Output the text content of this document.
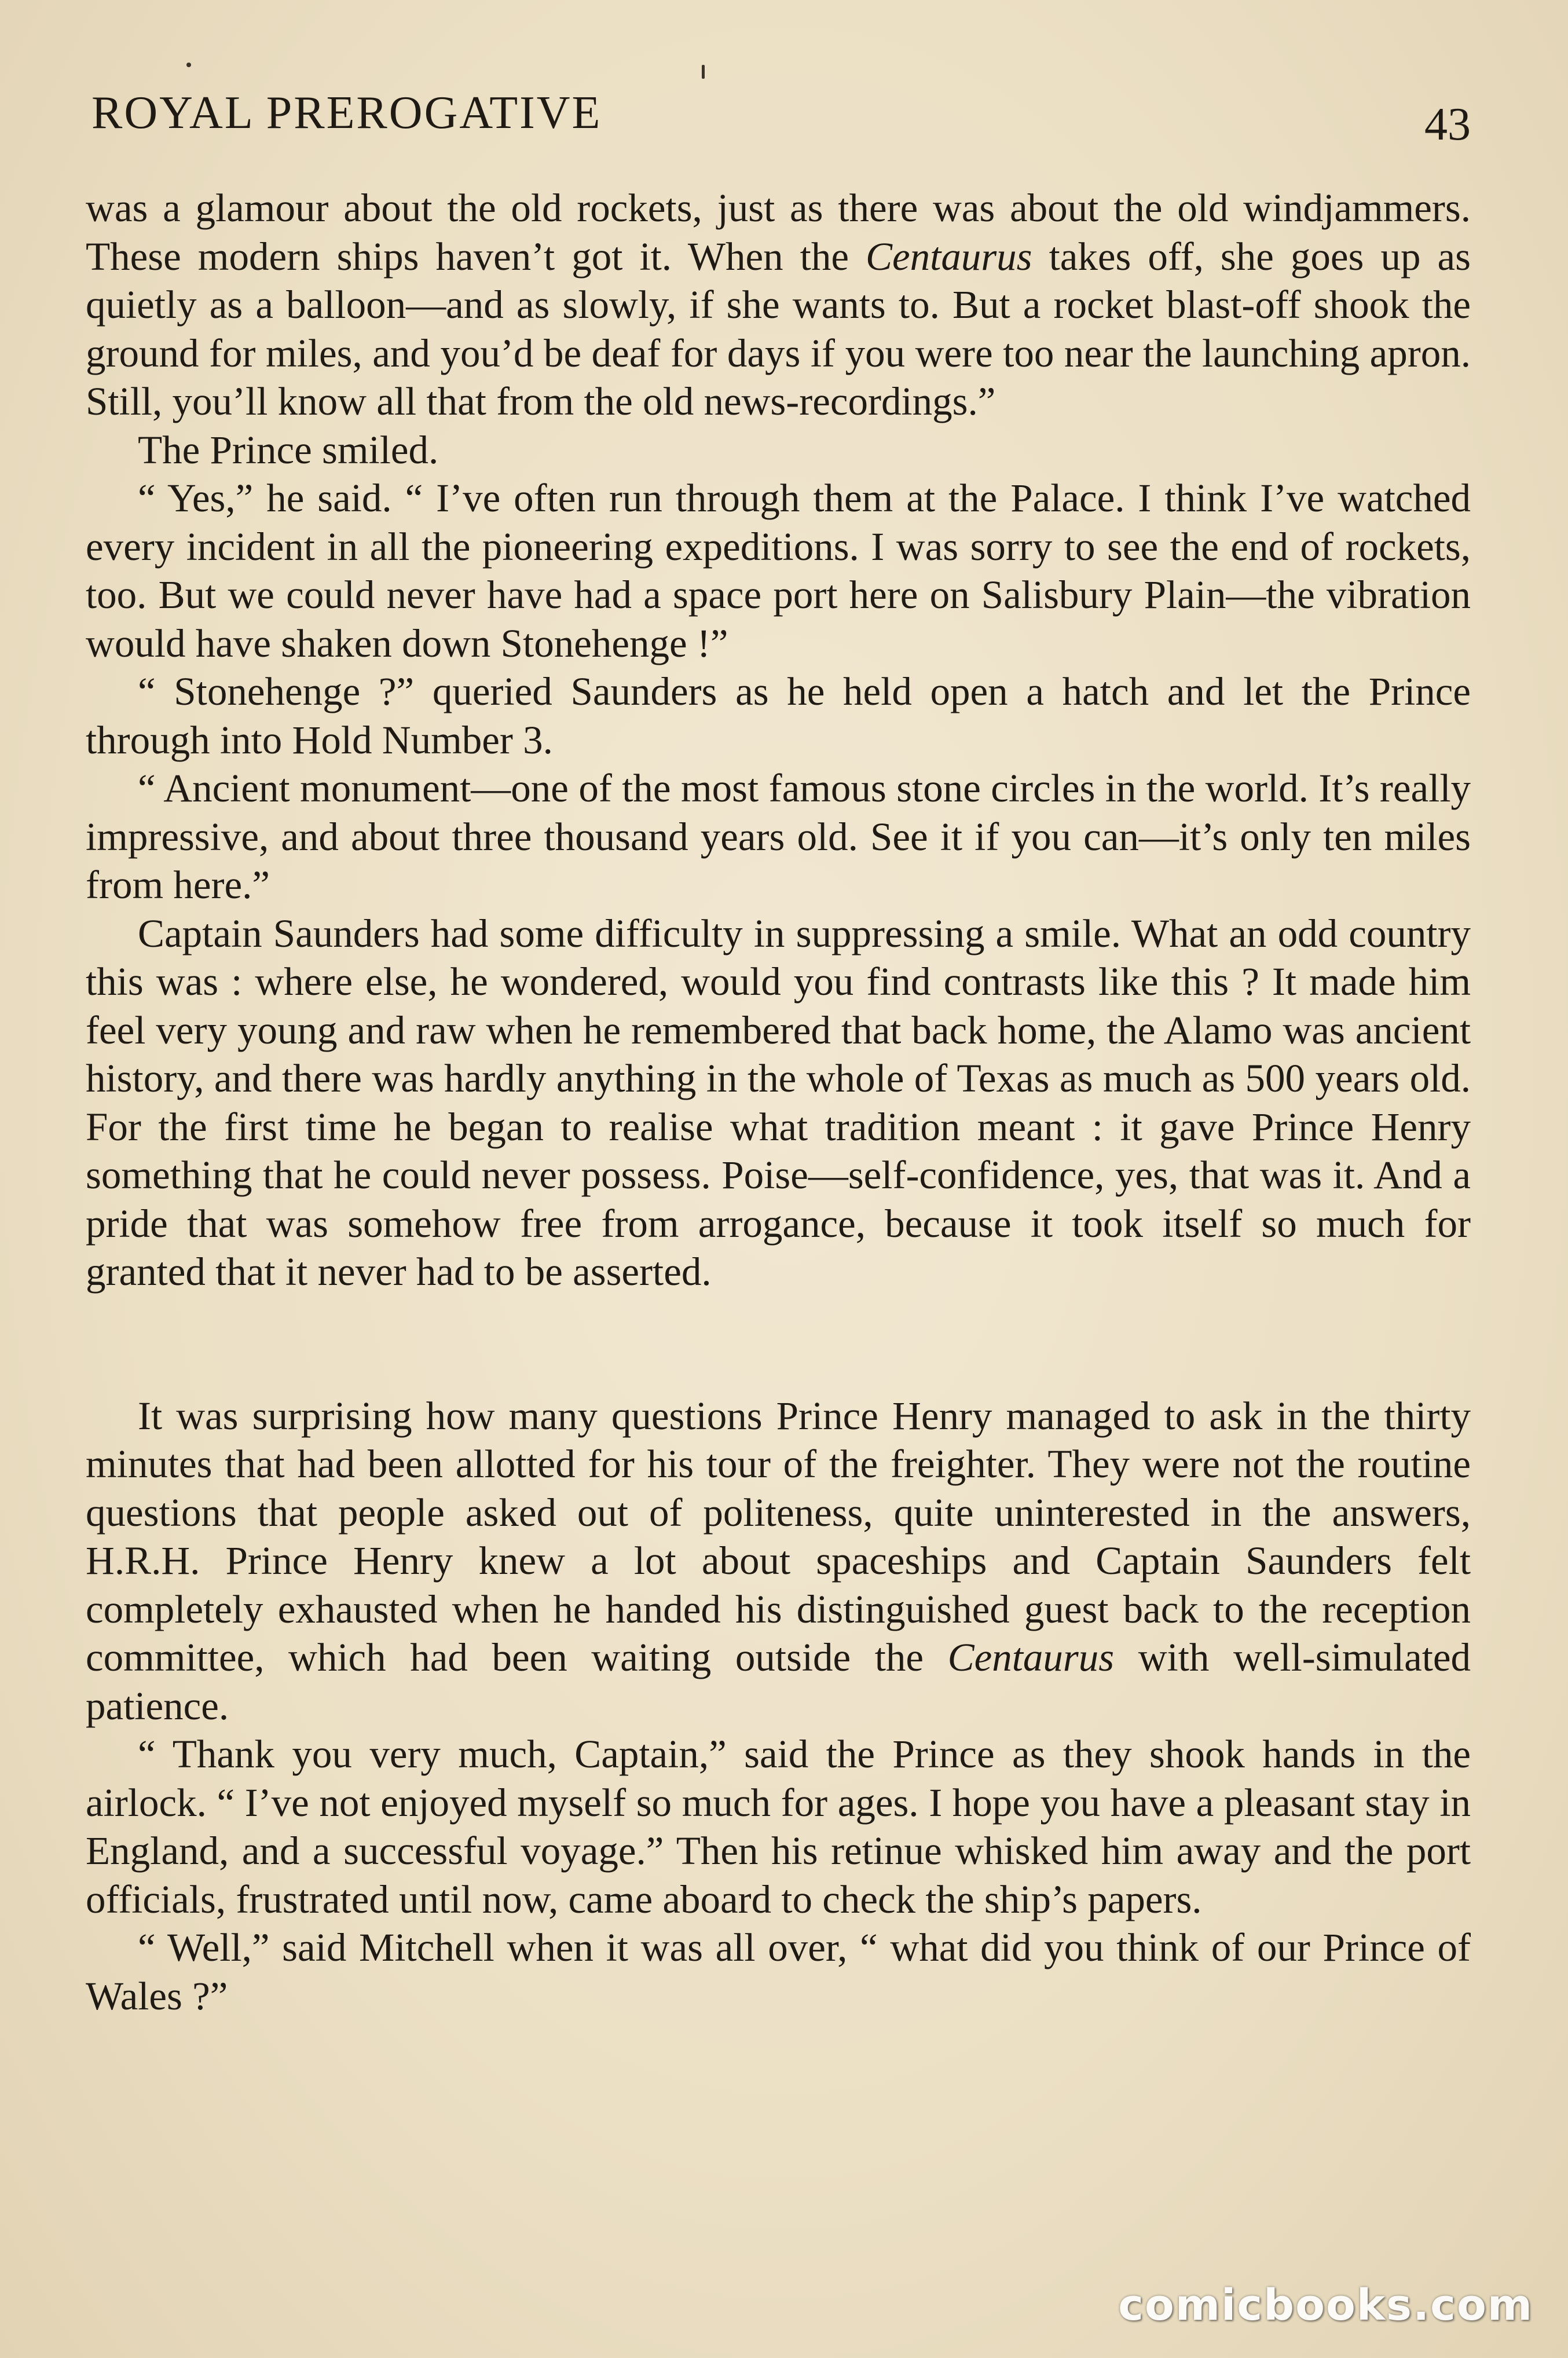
ROYAL PREROGATIVE	43

was a glamour about the old rockets, just as there was about the old windjammers. These modern ships haven’t got it. When the Centaurus takes off, she goes up as quietly as a balloon—and as slowly, if she wants to. But a rocket blast-off shook the ground for miles, and you’d be deaf for days if you were too near the launching apron. Still, you’ll know all that from the old news-recordings.”

The Prince smiled.

“ Yes,” he said. “ I’ve often run through them at the Palace. I think I’ve watched every incident in all the pioneering expeditions. I was sorry to see the end of rockets, too. But we could never have had a space port here on Salisbury Plain—the vibration would have shaken down Stonehenge !”

“ Stonehenge ?” queried Saunders as he held open a hatch and let the Prince through into Hold Number 3.

“ Ancient monument—one of the most famous stone circles in the world. It’s really impressive, and about three thousand years old. See it if you can—it’s only ten miles from here.”

Captain Saunders had some difficulty in suppressing a smile. What an odd country this was : where else, he wondered, would you find contrasts like this ? It made him feel very young and raw when he remembered that back home, the Alamo was ancient history, and there was hardly anything in the whole of Texas as much as 500 years old. For the first time he began to realise what tradition meant : it gave Prince Henry something that he could never possess. Poise—self-confidence, yes, that was it. And a pride that was somehow free from arrogance, because it took itself so much for granted that it never had to be asserted.

It was surprising how many questions Prince Henry managed to ask in the thirty minutes that had been allotted for his tour of the freighter. They were not the routine questions that people asked out of politeness, quite uninterested in the answers, H.R.H. Prince Henry knew a lot about spaceships and Captain Saunders felt completely exhausted when he handed his distinguished guest back to the reception committee, which had been waiting outside the Centaurus with well-simulated patience.

“ Thank you very much, Captain,” said the Prince as they shook hands in the airlock. “ I’ve not enjoyed myself so much for ages. I hope you have a pleasant stay in England, and a successful voyage.” Then his retinue whisked him away and the port officials, frustrated until now, came aboard to check the ship’s papers.

“ Well,” said Mitchell when it was all over, “ what did you think of our Prince of Wales ?”

comicbooks.com
